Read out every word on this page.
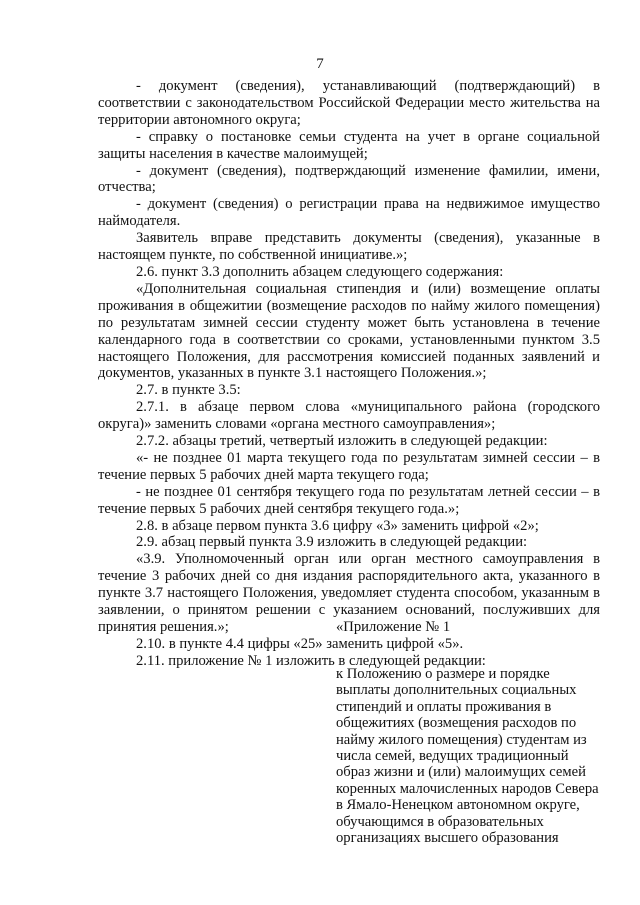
7

- документ (сведения), устанавливающий (подтверждающий) в соответствии с законодательством Российской Федерации место жительства на территории автономного округа;

- справку о постановке семьи студента на учет в органе социальной защиты населения в качестве малоимущей;

- документ (сведения), подтверждающий изменение фамилии, имени, отчества;

- документ (сведения) о регистрации права на недвижимое имущество наймодателя.

Заявитель вправе представить документы (сведения), указанные в настоящем пункте, по собственной инициативе.»;

2.6. пункт 3.3 дополнить абзацем следующего содержания:

«Дополнительная социальная стипендия и (или) возмещение оплаты проживания в общежитии (возмещение расходов по найму жилого помещения) по результатам зимней сессии студенту может быть установлена в течение календарного года в соответствии со сроками, установленными пунктом 3.5 настоящего Положения, для рассмотрения комиссией поданных заявлений и документов, указанных в пункте 3.1 настоящего Положения.»;

2.7. в пункте 3.5:

2.7.1. в абзаце первом слова «муниципального района (городского округа)» заменить словами «органа местного самоуправления»;

2.7.2. абзацы третий, четвертый изложить в следующей редакции:

«- не позднее 01 марта текущего года по результатам зимней сессии – в течение первых 5 рабочих дней марта текущего года;

- не позднее 01 сентября текущего года по результатам летней сессии – в течение первых 5 рабочих дней сентября текущего года.»;

2.8. в абзаце первом пункта 3.6 цифру «3» заменить цифрой «2»;

2.9. абзац первый пункта 3.9 изложить в следующей редакции:

«3.9. Уполномоченный орган или орган местного самоуправления в течение 3 рабочих дней со дня издания распорядительного акта, указанного в пункте 3.7 настоящего Положения, уведомляет студента способом, указанным в заявлении, о принятом решении с указанием оснований, послуживших для принятия решения.»;

2.10. в пункте 4.4 цифры «25» заменить цифрой «5».

2.11. приложение № 1 изложить в следующей редакции:

«Приложение № 1

к Положению о размере и порядке выплаты дополнительных социальных стипендий и оплаты проживания в общежитиях (возмещения расходов по найму жилого помещения) студентам из числа семей, ведущих традиционный образ жизни и (или) малоимущих семей коренных малочисленных народов Севера в Ямало-Ненецком автономном округе, обучающимся в образовательных организациях высшего образования
